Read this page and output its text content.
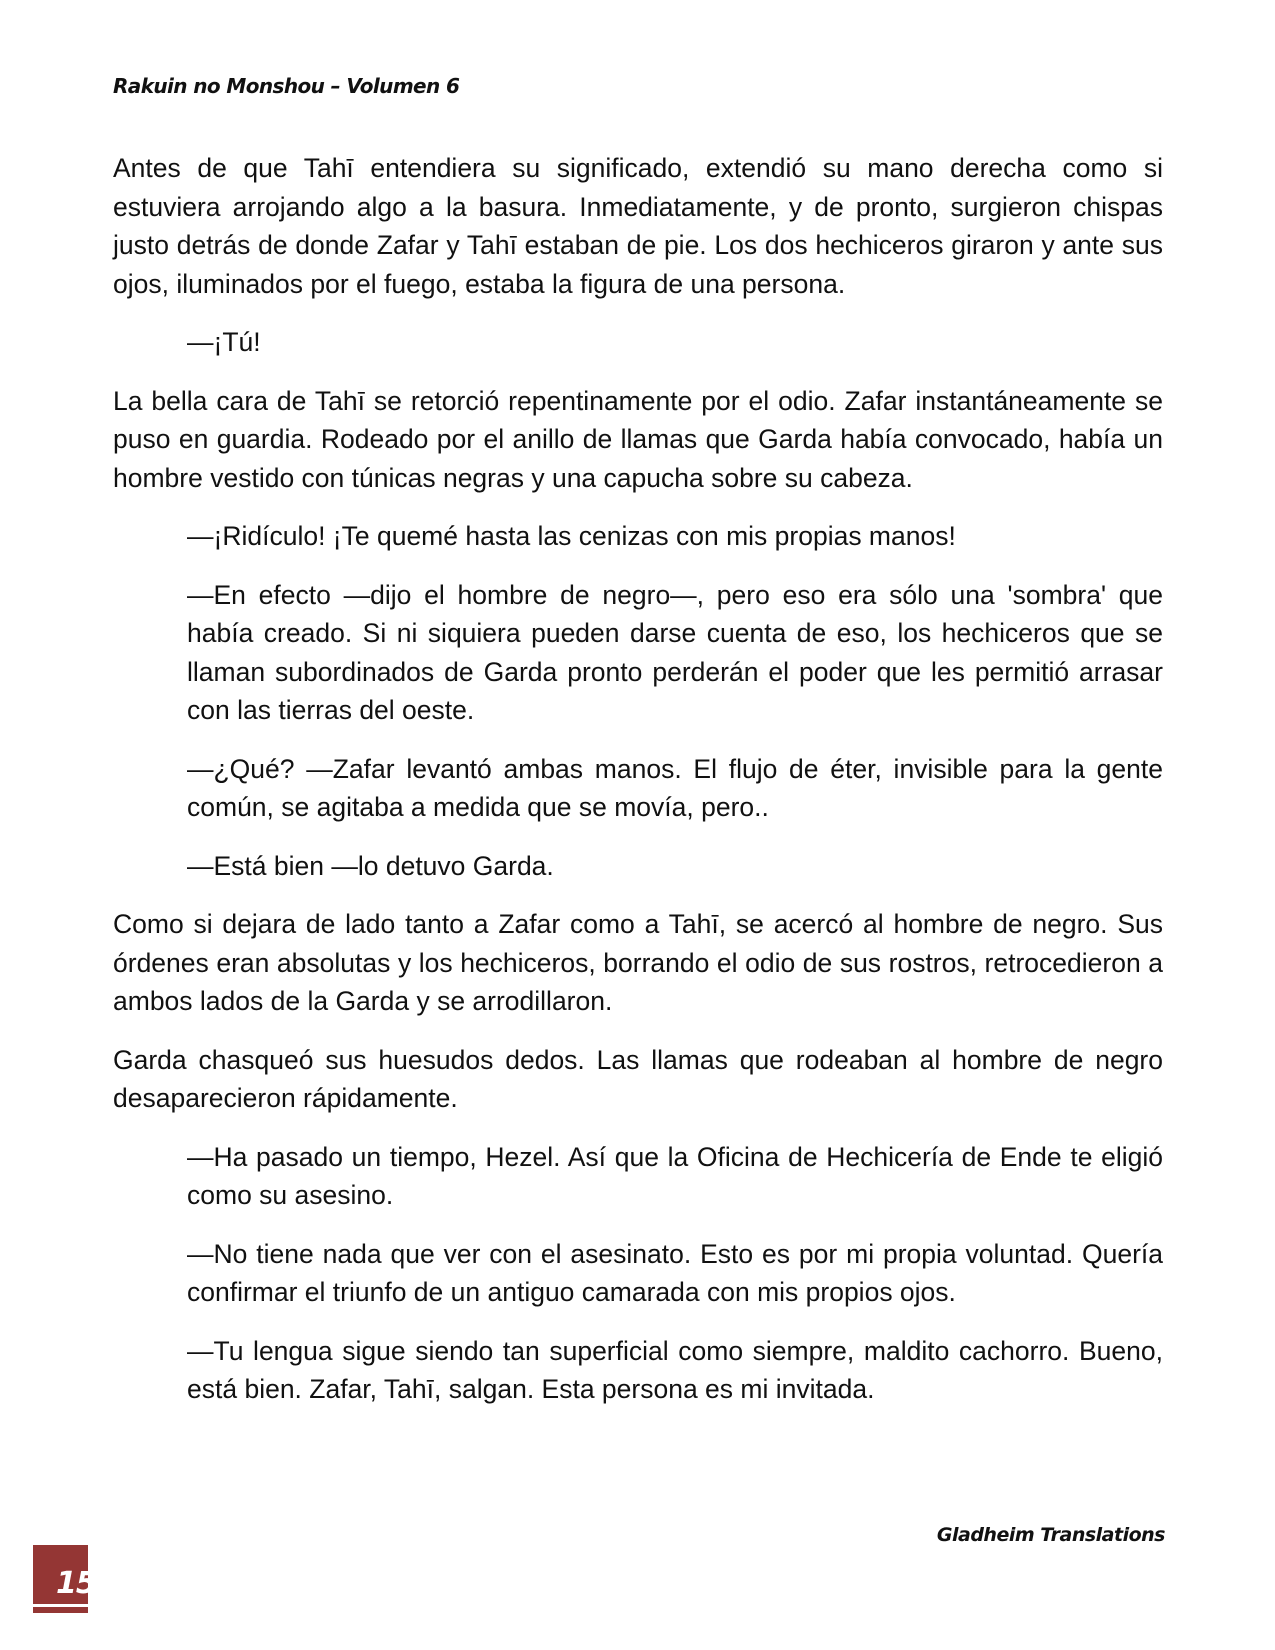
Rakuin no Monshou – Volumen 6

Antes de que Tahī entendiera su significado, extendió su mano derecha como si estuviera arrojando algo a la basura. Inmediatamente, y de pronto, surgieron chispas justo detrás de donde Zafar y Tahī estaban de pie. Los dos hechiceros giraron y ante sus ojos, iluminados por el fuego, estaba la figura de una persona.

—¡Tú!

La bella cara de Tahī se retorció repentinamente por el odio. Zafar instantáneamente se puso en guardia. Rodeado por el anillo de llamas que Garda había convocado, había un hombre vestido con túnicas negras y una capucha sobre su cabeza.

—¡Ridículo! ¡Te quemé hasta las cenizas con mis propias manos!

—En efecto —dijo el hombre de negro—, pero eso era sólo una 'sombra' que había creado. Si ni siquiera pueden darse cuenta de eso, los hechiceros que se llaman subordinados de Garda pronto perderán el poder que les permitió arrasar con las tierras del oeste.

—¿Qué? —Zafar levantó ambas manos. El flujo de éter, invisible para la gente común, se agitaba a medida que se movía, pero..

—Está bien —lo detuvo Garda.

Como si dejara de lado tanto a Zafar como a Tahī, se acercó al hombre de negro. Sus órdenes eran absolutas y los hechiceros, borrando el odio de sus rostros, retrocedieron a ambos lados de la Garda y se arrodillaron.

Garda chasqueó sus huesudos dedos. Las llamas que rodeaban al hombre de negro desaparecieron rápidamente.

—Ha pasado un tiempo, Hezel. Así que la Oficina de Hechicería de Ende te eligió como su asesino.

—No tiene nada que ver con el asesinato. Esto es por mi propia voluntad. Quería confirmar el triunfo de un antiguo camarada con mis propios ojos.

—Tu lengua sigue siendo tan superficial como siempre, maldito cachorro. Bueno, está bien. Zafar, Tahī, salgan. Esta persona es mi invitada.

Gladheim Translations
15
